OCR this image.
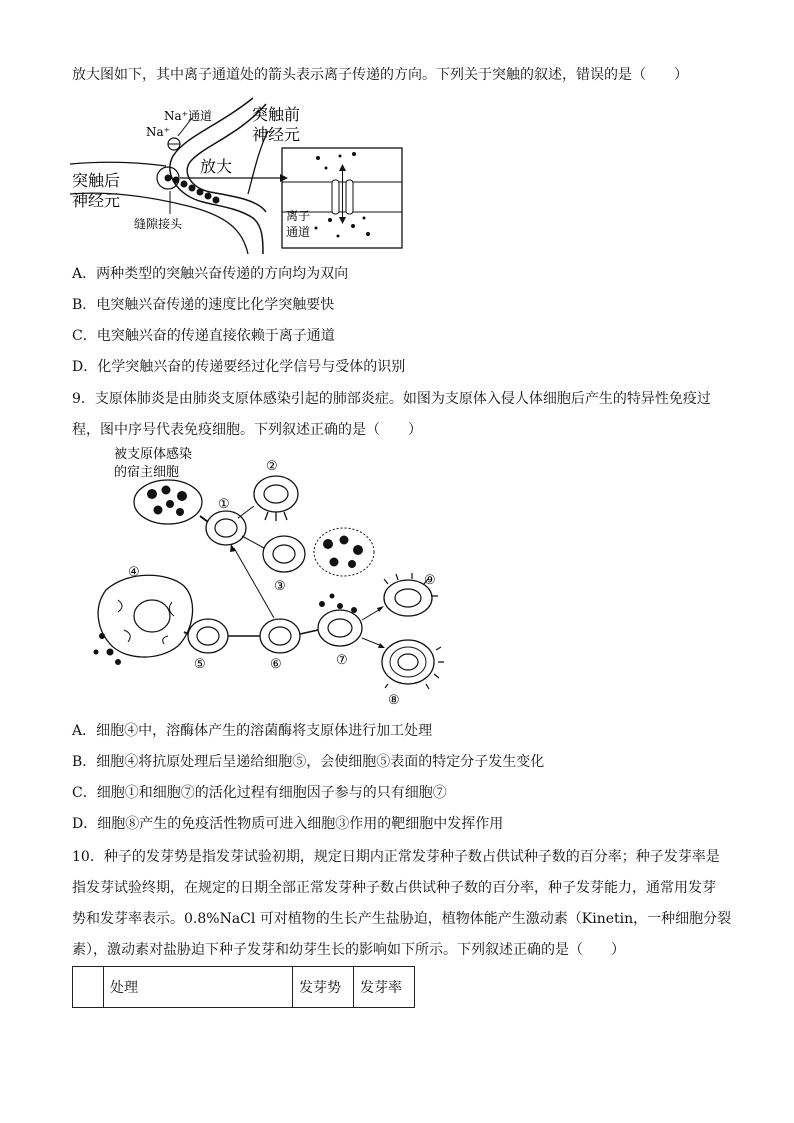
放大图如下，其中离子通道处的箭头表示离子传递的方向。下列关于突触的叙述，错误的是（　　）
Na⁺通道
Na⁺
突触前
神经元
放大
突触后
神经元
缝隙接头
离子
通道
A．两种类型的突触兴奋传递的方向均为双向
B．电突触兴奋传递的速度比化学突触要快
C．电突触兴奋的传递直接依赖于离子通道
D．化学突触兴奋的传递要经过化学信号与受体的识别
9．支原体肺炎是由肺炎支原体感染引起的肺部炎症。如图为支原体入侵人体细胞后产生的特异性免疫过
程，图中序号代表免疫细胞。下列叙述正确的是（　　）
被支原体感染
的宿主细胞
①
②
③
④
⑤	⑥	⑦
⑨
⑧
A．细胞④中，溶酶体产生的溶菌酶将支原体进行加工处理
B．细胞④将抗原处理后呈递给细胞⑤，会使细胞⑤表面的特定分子发生变化
C．细胞①和细胞⑦的活化过程有细胞因子参与的只有细胞⑦
D．细胞⑧产生的免疫活性物质可进入细胞③作用的靶细胞中发挥作用
10．种子的发芽势是指发芽试验初期，规定日期内正常发芽种子数占供试种子数的百分率；种子发芽率是
指发芽试验终期，在规定的日期全部正常发芽种子数占供试种子数的百分率，种子发芽能力，通常用发芽
势和发芽率表示。0.8%NaCl 可对植物的生长产生盐胁迫，植物体能产生激动素（Kinetin，一种细胞分裂
素），激动素对盐胁迫下种子发芽和幼芽生长的影响如下所示。下列叙述正确的是（　　）
	处理	发芽势	发芽率
